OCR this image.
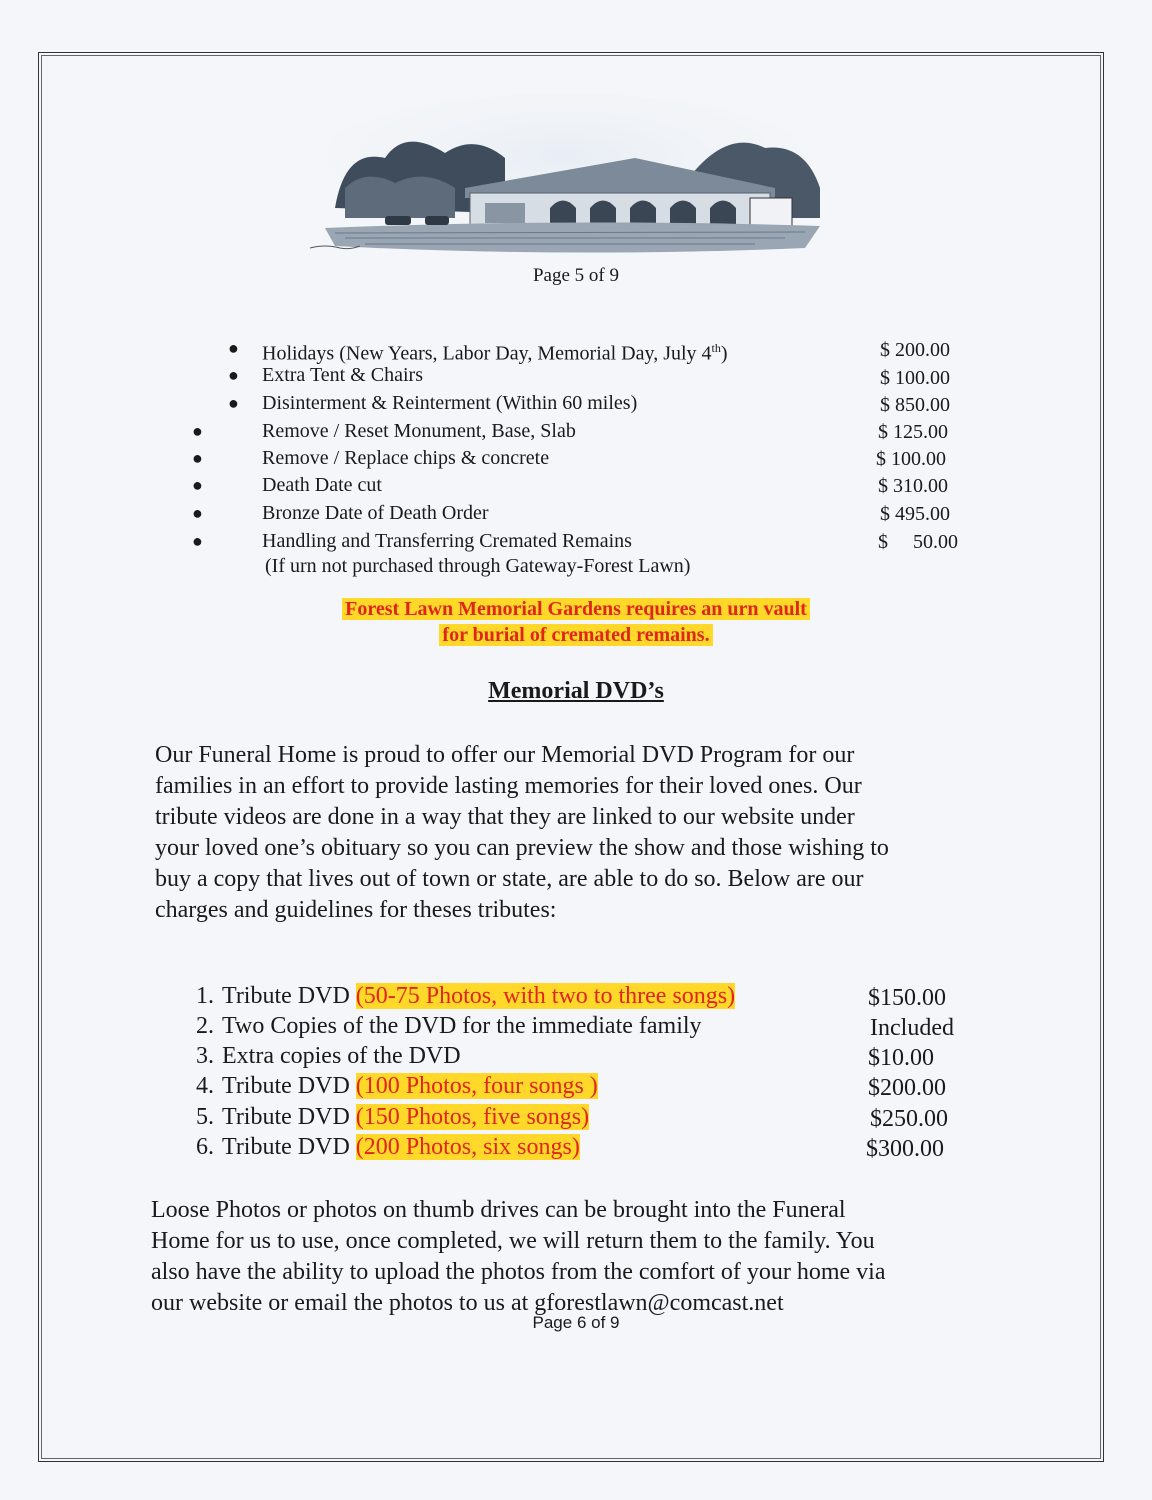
Page 5 of 9
● Holidays (New Years, Labor Day, Memorial Day, July 4th)	$ 200.00
● Extra Tent & Chairs	$ 100.00
● Disinterment & Reinterment (Within 60 miles)	$ 850.00
●	Remove / Reset Monument, Base, Slab	$ 125.00
●	Remove / Replace chips & concrete	$ 100.00
●	Death Date cut	$ 310.00
●	Bronze Date of Death Order	$ 495.00
●	Handling and Transferring Cremated Remains	$     50.00
(If urn not purchased through Gateway-Forest Lawn)
Forest Lawn Memorial Gardens requires an urn vault
for burial of cremated remains.
Memorial DVD’s
Our Funeral Home is proud to offer our Memorial DVD Program for our
families in an effort to provide lasting memories for their loved ones. Our
tribute videos are done in a way that they are linked to our website under
your loved one’s obituary so you can preview the show and those wishing to
buy a copy that lives out of town or state, are able to do so. Below are our
charges and guidelines for theses tributes:
1. Tribute DVD (50-75 Photos, with two to three songs)	$150.00
2. Two Copies of the DVD for the immediate family	Included
3. Extra copies of the DVD	$10.00
4. Tribute DVD (100 Photos, four songs )	$200.00
5. Tribute DVD (150 Photos, five songs)	$250.00
6. Tribute DVD (200 Photos, six songs)	$300.00
Loose Photos or photos on thumb drives can be brought into the Funeral
Home for us to use, once completed, we will return them to the family. You
also have the ability to upload the photos from the comfort of your home via
our website or email the photos to us at gforestlawn@comcast.net
Page 6 of 9
